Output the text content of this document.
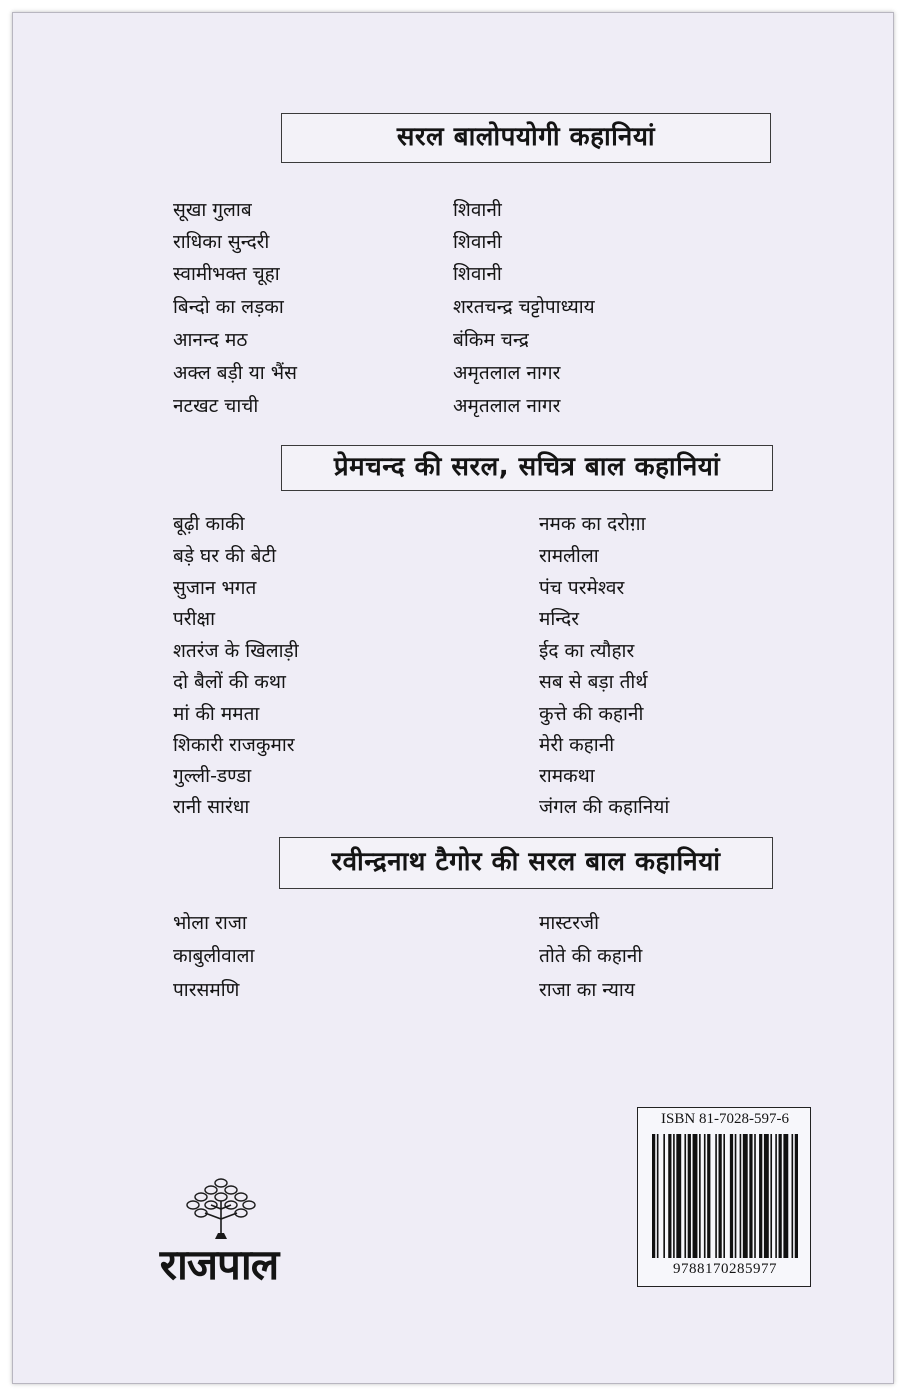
सरल बालोपयोगी कहानियां
सूखा गुलाब	शिवानी
राधिका सुन्दरी	शिवानी
स्वामीभक्त चूहा	शिवानी
बिन्दो का लड़का	शरतचन्द्र चट्टोपाध्याय
आनन्द मठ	बंकिम चन्द्र
अक्ल बड़ी या भैंस	अमृतलाल नागर
नटखट चाची	अमृतलाल नागर
प्रेमचन्द की सरल, सचित्र बाल कहानियां
बूढ़ी काकी	नमक का दरोग़ा
बड़े घर की बेटी	रामलीला
सुजान भगत	पंच परमेश्वर
परीक्षा	मन्दिर
शतरंज के खिलाड़ी	ईद का त्यौहार
दो बैलों की कथा	सब से बड़ा तीर्थ
मां की ममता	कुत्ते की कहानी
शिकारी राजकुमार	मेरी कहानी
गुल्ली-डण्डा	रामकथा
रानी सारंधा	जंगल की कहानियां
रवीन्द्रनाथ टैगोर की सरल बाल कहानियां
भोला राजा	मास्टरजी
काबुलीवाला	तोते की कहानी
पारसमणि	राजा का न्याय
राजपाल
ISBN 81-7028-597-6
9788170285977
